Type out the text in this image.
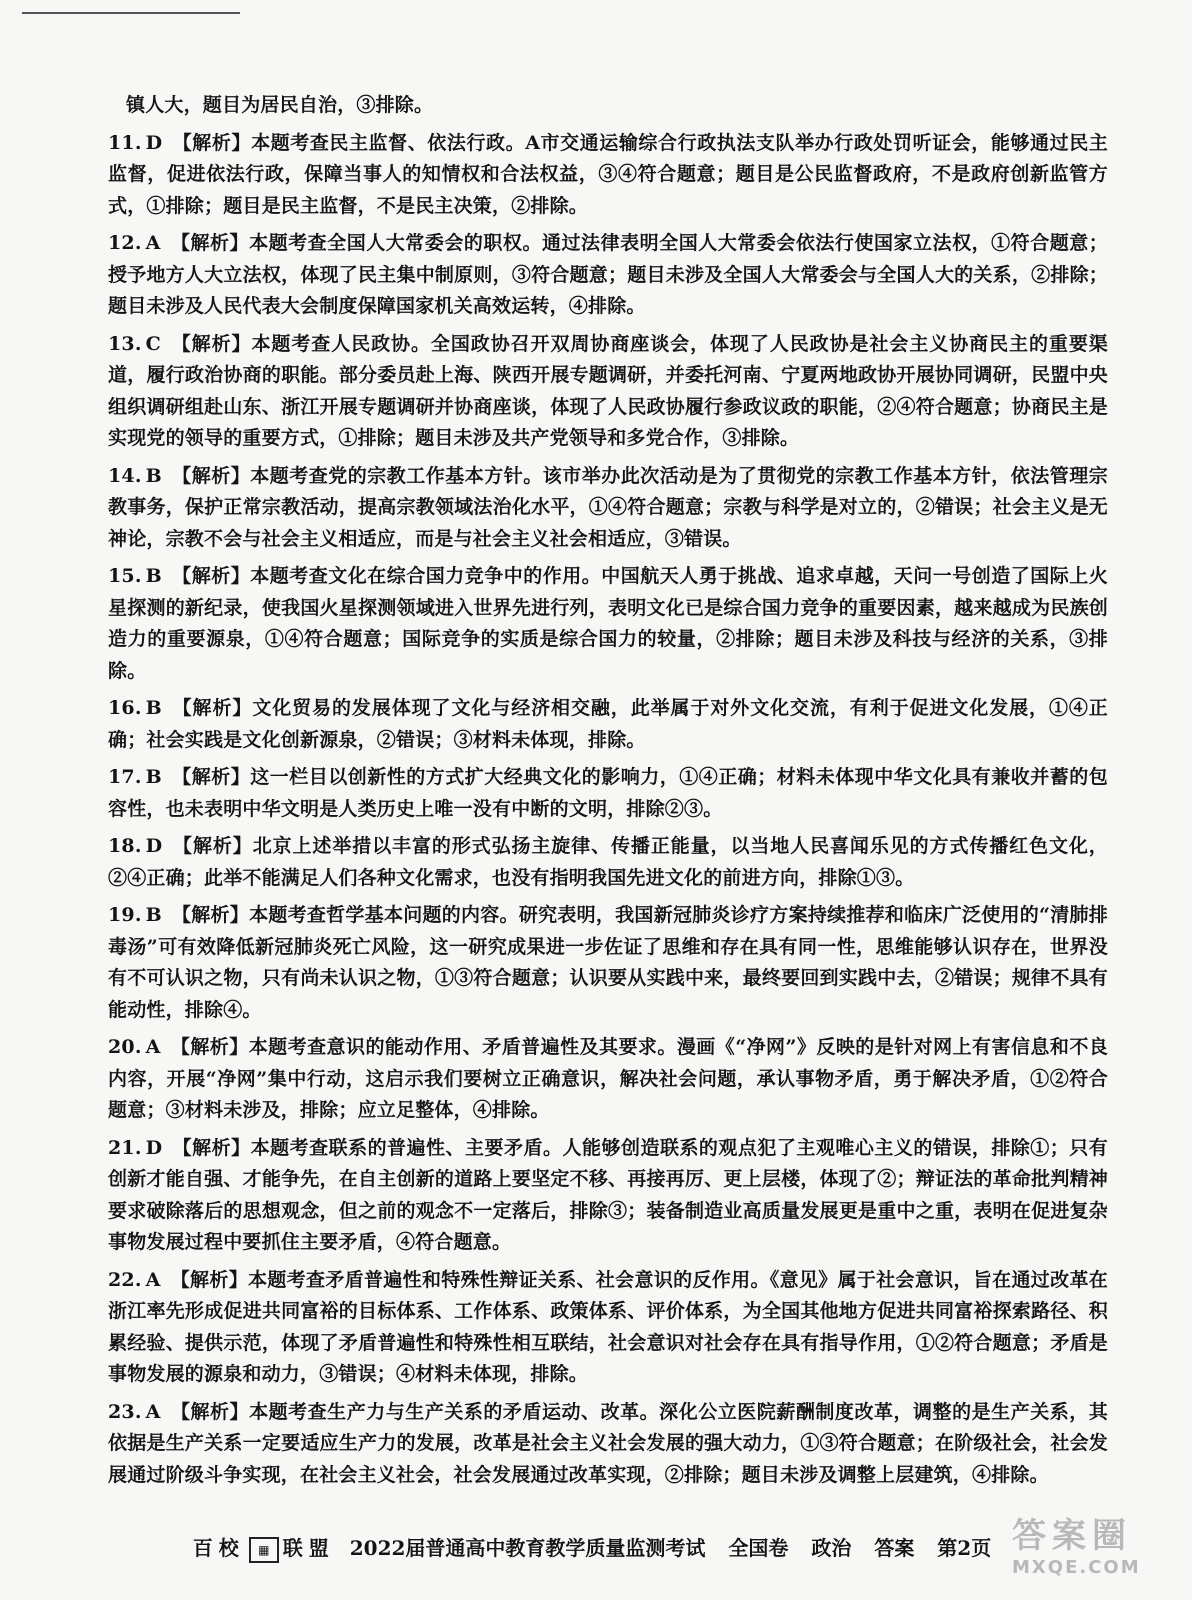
镇人大，题目为居民自治，③排除。

11. D 【解析】本题考查民主监督、依法行政。A市交通运输综合行政执法支队举办行政处罚听证会，能够通过民主监督，促进依法行政，保障当事人的知情权和合法权益，③④符合题意；题目是公民监督政府，不是政府创新监管方式，①排除；题目是民主监督，不是民主决策，②排除。

12. A 【解析】本题考查全国人大常委会的职权。通过法律表明全国人大常委会依法行使国家立法权，①符合题意；授予地方人大立法权，体现了民主集中制原则，③符合题意；题目未涉及全国人大常委会与全国人大的关系，②排除；题目未涉及人民代表大会制度保障国家机关高效运转，④排除。

13. C 【解析】本题考查人民政协。全国政协召开双周协商座谈会，体现了人民政协是社会主义协商民主的重要渠道，履行政治协商的职能。部分委员赴上海、陕西开展专题调研，并委托河南、宁夏两地政协开展协同调研，民盟中央组织调研组赴山东、浙江开展专题调研并协商座谈，体现了人民政协履行参政议政的职能，②④符合题意；协商民主是实现党的领导的重要方式，①排除；题目未涉及共产党领导和多党合作，③排除。

14. B 【解析】本题考查党的宗教工作基本方针。该市举办此次活动是为了贯彻党的宗教工作基本方针，依法管理宗教事务，保护正常宗教活动，提高宗教领域法治化水平，①④符合题意；宗教与科学是对立的，②错误；社会主义是无神论，宗教不会与社会主义相适应，而是与社会主义社会相适应，③错误。

15. B 【解析】本题考查文化在综合国力竞争中的作用。中国航天人勇于挑战、追求卓越，天问一号创造了国际上火星探测的新纪录，使我国火星探测领域进入世界先进行列，表明文化已是综合国力竞争的重要因素，越来越成为民族创造力的重要源泉，①④符合题意；国际竞争的实质是综合国力的较量，②排除；题目未涉及科技与经济的关系，③排除。

16. B 【解析】文化贸易的发展体现了文化与经济相交融，此举属于对外文化交流，有利于促进文化发展，①④正确；社会实践是文化创新源泉，②错误；③材料未体现，排除。

17. B 【解析】这一栏目以创新性的方式扩大经典文化的影响力，①④正确；材料未体现中华文化具有兼收并蓄的包容性，也未表明中华文明是人类历史上唯一没有中断的文明，排除②③。

18. D 【解析】北京上述举措以丰富的形式弘扬主旋律、传播正能量，以当地人民喜闻乐见的方式传播红色文化，②④正确；此举不能满足人们各种文化需求，也没有指明我国先进文化的前进方向，排除①③。

19. B 【解析】本题考查哲学基本问题的内容。研究表明，我国新冠肺炎诊疗方案持续推荐和临床广泛使用的“清肺排毒汤”可有效降低新冠肺炎死亡风险，这一研究成果进一步佐证了思维和存在具有同一性，思维能够认识存在，世界没有不可认识之物，只有尚未认识之物，①③符合题意；认识要从实践中来，最终要回到实践中去，②错误；规律不具有能动性，排除④。

20. A 【解析】本题考查意识的能动作用、矛盾普遍性及其要求。漫画《“净网”》反映的是针对网上有害信息和不良内容，开展“净网”集中行动，这启示我们要树立正确意识，解决社会问题，承认事物矛盾，勇于解决矛盾，①②符合题意；③材料未涉及，排除；应立足整体，④排除。

21. D 【解析】本题考查联系的普遍性、主要矛盾。人能够创造联系的观点犯了主观唯心主义的错误，排除①；只有创新才能自强、才能争先，在自主创新的道路上要坚定不移、再接再厉、更上层楼，体现了②；辩证法的革命批判精神要求破除落后的思想观念，但之前的观念不一定落后，排除③；装备制造业高质量发展更是重中之重，表明在促进复杂事物发展过程中要抓住主要矛盾，④符合题意。

22. A 【解析】本题考查矛盾普遍性和特殊性辩证关系、社会意识的反作用。《意见》属于社会意识，旨在通过改革在浙江率先形成促进共同富裕的目标体系、工作体系、政策体系、评价体系，为全国其他地方促进共同富裕探索路径、积累经验、提供示范，体现了矛盾普遍性和特殊性相互联结，社会意识对社会存在具有指导作用，①②符合题意；矛盾是事物发展的源泉和动力，③错误；④材料未体现，排除。

23. A 【解析】本题考查生产力与生产关系的矛盾运动、改革。深化公立医院薪酬制度改革，调整的是生产关系，其依据是生产关系一定要适应生产力的发展，改革是社会主义社会发展的强大动力，①③符合题意；在阶级社会，社会发展通过阶级斗争实现，在社会主义社会，社会发展通过改革实现，②排除；题目未涉及调整上层建筑，④排除。

百校 ▦ 联盟 2022届普通高中教育教学质量监测考试 全国卷 政治 答案 第2页 答案圈
MXQE.COM
